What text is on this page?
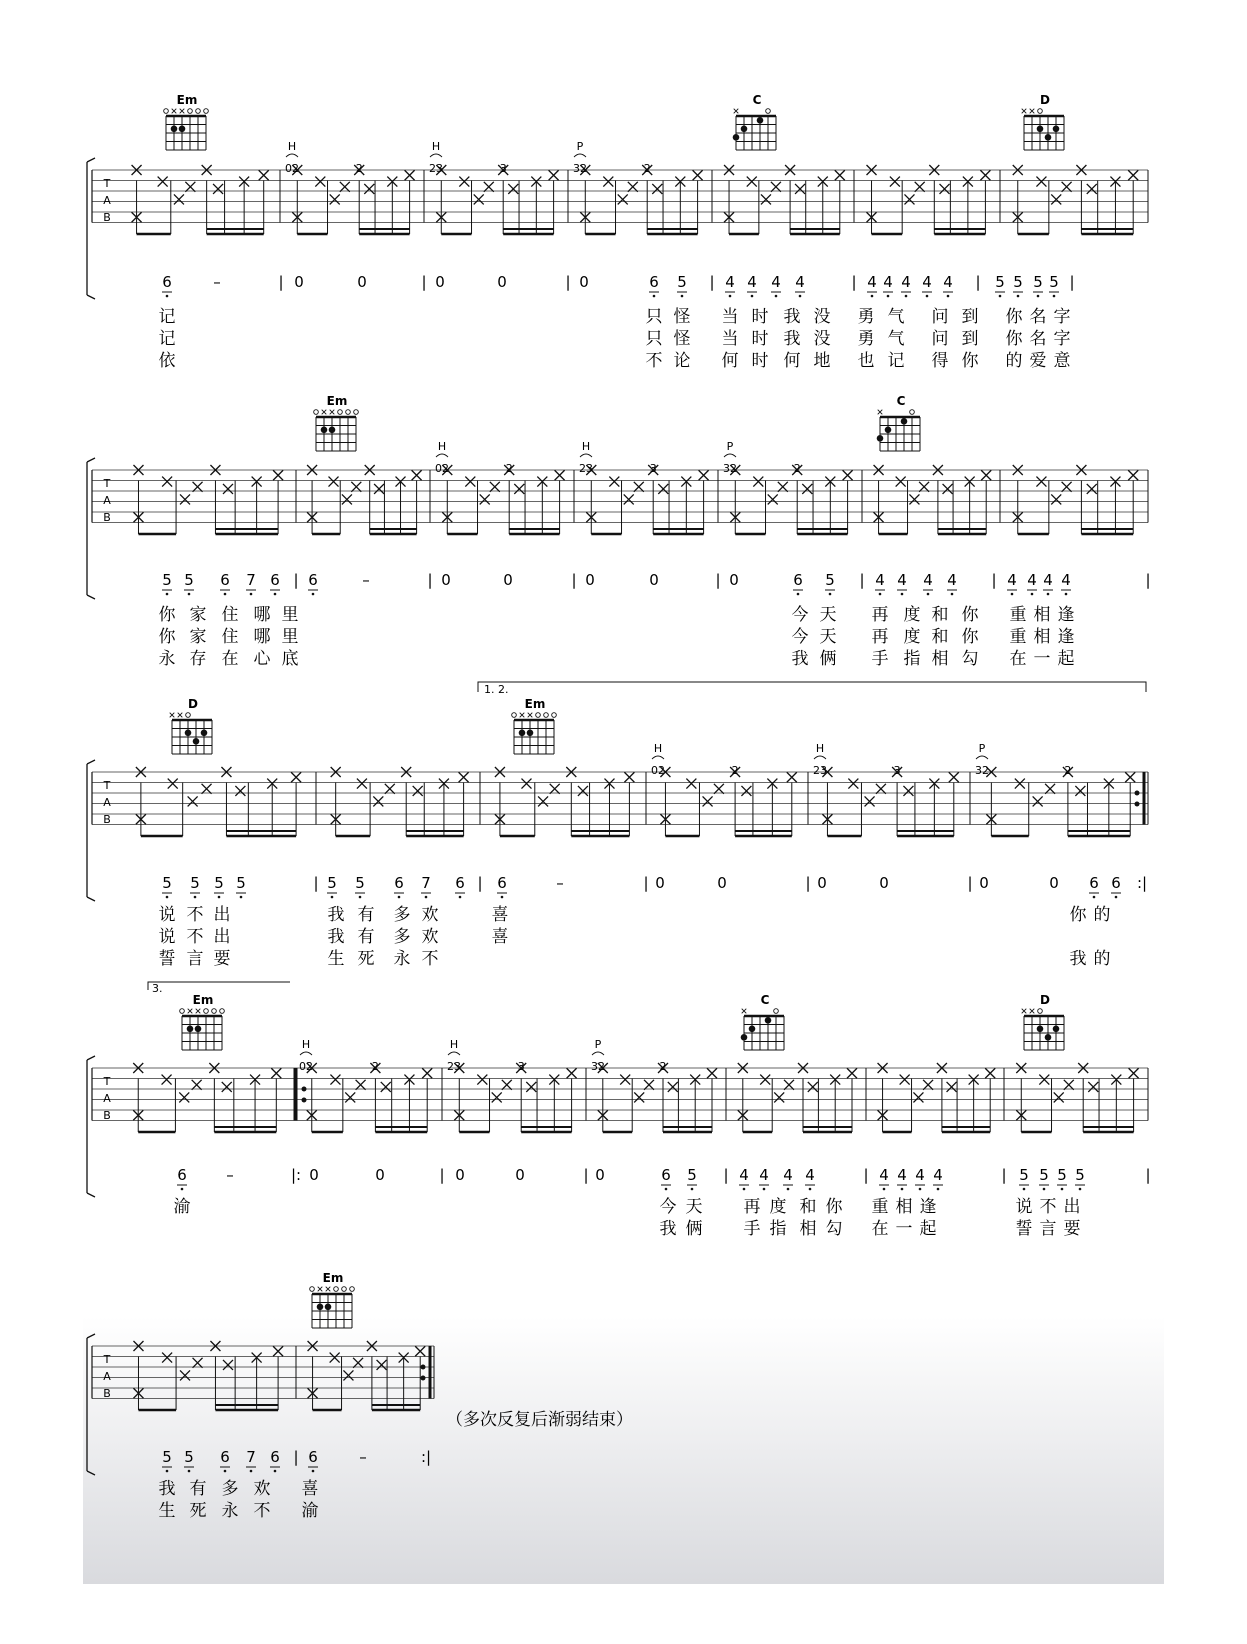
Em	C	D
T
A
B
H
02	2
H
23	3
P
32	2
6	–	| 0	0	| 0	0	| 0	6 5 | 4 4 4 4	| 4 4 4 4 4 | 5 5 5 5 |
记	只 怪 当 时 我 没 勇 气 问 到 你 名 字
记	只 怪 当 时 我 没 勇 气 问 到 你 名 字
依	不 论 何 时 何 地 也 记 得 你 的 爱 意
Em	C
T
A
B
H
02	2
H
23	3
P
32	2
5 5 6 7 6 | 6	–	| 0	0	| 0	0	| 0	6 5 | 4 4 4 4 | 4 4 4 4	|
你 家 住 哪 里	今 天 再 度 和 你 重 相 逢
你 家 住 哪 里	今 天 再 度 和 你 重 相 逢
永 存 在 心 底	我 俩 手 指 相 勾 在 一 起
D	Em
T
A
B
H
02	2
H
23	3
P
32	2
1. 2.
5 5 5 5	| 5 5 6 7 6 | 6	–	| 0	0	| 0	0	| 0	0 6 6 :|
说 不 出	我 有 多 欢	喜	你 的
说 不 出	我 有 多 欢	喜
誓 言 要	生 死 永 不	我 的
3.
Em	C	D
T
A
B
H
02	2
H
23	3
P
32	2
6	–	|: 0	0	| 0	0	| 0	6 5 | 4 4 4 4	| 4 4 4 4	| 5 5 5 5	|
渝	今 天 再 度 和 你 重 相 逢	说 不 出
我 俩 手 指 相 勾 在 一 起	誓 言 要
Em
T
A
B
（多次反复后渐弱结束）
5 5 6 7 6 | 6	–	:|
我 有 多 欢 喜
生 死 永 不 渝
